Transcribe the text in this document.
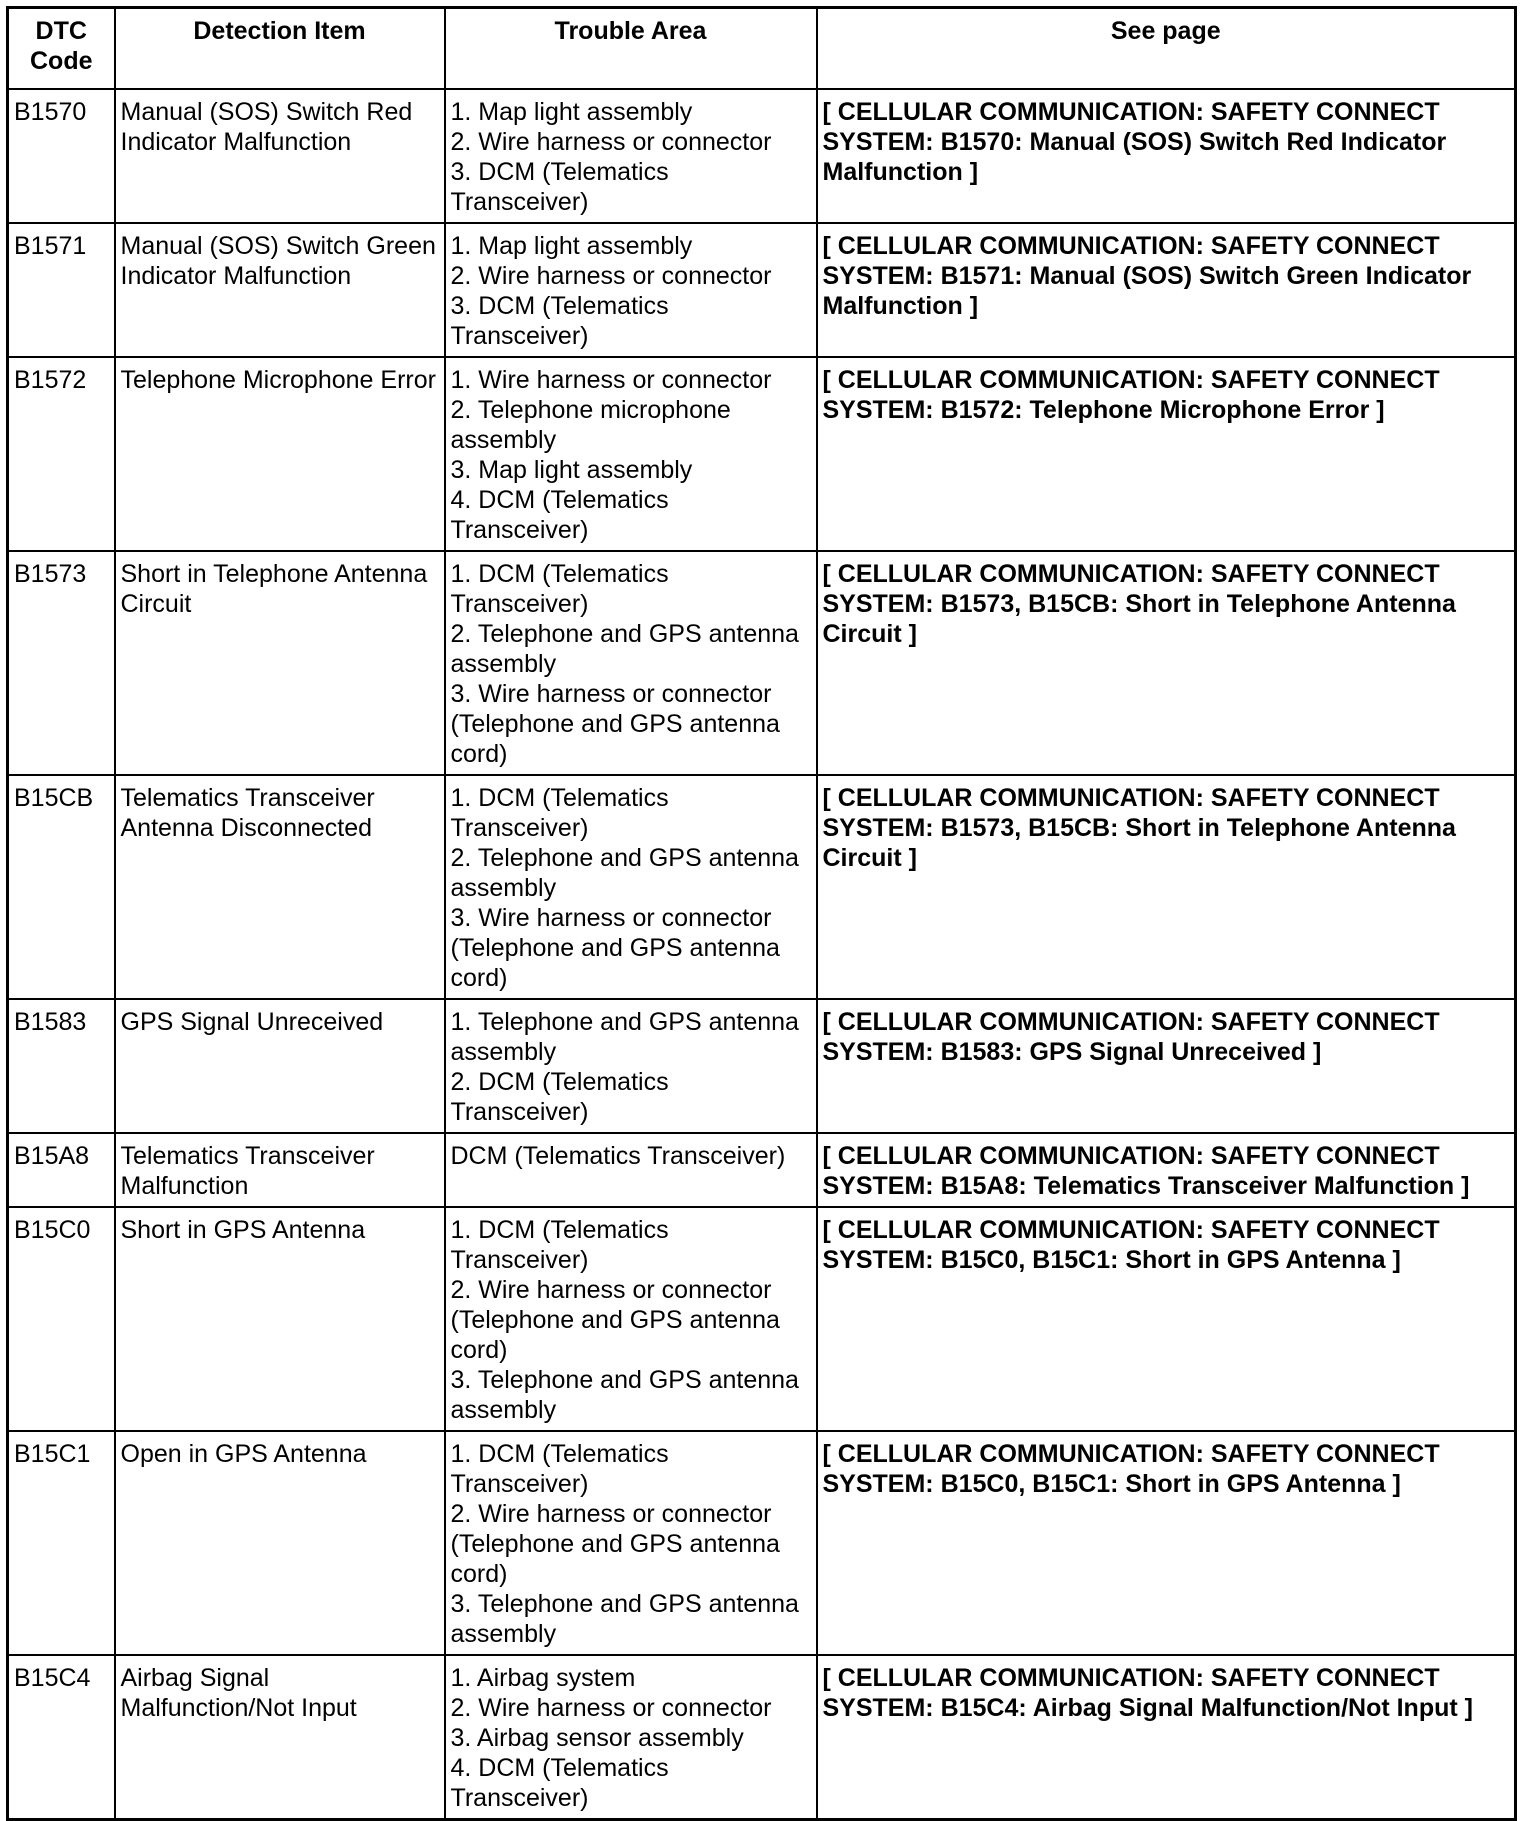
DTC Code	Detection Item	Trouble Area	See page
B1570	Manual (SOS) Switch Red Indicator Malfunction	1. Map light assembly
2. Wire harness or connector
3. DCM (Telematics Transceiver)	[ CELLULAR COMMUNICATION: SAFETY CONNECT SYSTEM: B1570: Manual (SOS) Switch Red Indicator Malfunction ]
B1571	Manual (SOS) Switch Green Indicator Malfunction	1. Map light assembly
2. Wire harness or connector
3. DCM (Telematics Transceiver)	[ CELLULAR COMMUNICATION: SAFETY CONNECT SYSTEM: B1571: Manual (SOS) Switch Green Indicator Malfunction ]
B1572	Telephone Microphone Error	1. Wire harness or connector
2. Telephone microphone assembly
3. Map light assembly
4. DCM (Telematics Transceiver)	[ CELLULAR COMMUNICATION: SAFETY CONNECT SYSTEM: B1572: Telephone Microphone Error ]
B1573	Short in Telephone Antenna Circuit	1. DCM (Telematics Transceiver)
2. Telephone and GPS antenna assembly
3. Wire harness or connector (Telephone and GPS antenna cord)	[ CELLULAR COMMUNICATION: SAFETY CONNECT SYSTEM: B1573, B15CB: Short in Telephone Antenna Circuit ]
B15CB	Telematics Transceiver Antenna Disconnected	1. DCM (Telematics Transceiver)
2. Telephone and GPS antenna assembly
3. Wire harness or connector (Telephone and GPS antenna cord)	[ CELLULAR COMMUNICATION: SAFETY CONNECT SYSTEM: B1573, B15CB: Short in Telephone Antenna Circuit ]
B1583	GPS Signal Unreceived	1. Telephone and GPS antenna assembly
2. DCM (Telematics Transceiver)	[ CELLULAR COMMUNICATION: SAFETY CONNECT SYSTEM: B1583: GPS Signal Unreceived ]
B15A8	Telematics Transceiver Malfunction	DCM (Telematics Transceiver)	[ CELLULAR COMMUNICATION: SAFETY CONNECT SYSTEM: B15A8: Telematics Transceiver Malfunction ]
B15C0	Short in GPS Antenna	1. DCM (Telematics Transceiver)
2. Wire harness or connector (Telephone and GPS antenna cord)
3. Telephone and GPS antenna assembly	[ CELLULAR COMMUNICATION: SAFETY CONNECT SYSTEM: B15C0, B15C1: Short in GPS Antenna ]
B15C1	Open in GPS Antenna	1. DCM (Telematics Transceiver)
2. Wire harness or connector (Telephone and GPS antenna cord)
3. Telephone and GPS antenna assembly	[ CELLULAR COMMUNICATION: SAFETY CONNECT SYSTEM: B15C0, B15C1: Short in GPS Antenna ]
B15C4	Airbag Signal Malfunction/Not Input	1. Airbag system
2. Wire harness or connector
3. Airbag sensor assembly
4. DCM (Telematics Transceiver)	[ CELLULAR COMMUNICATION: SAFETY CONNECT SYSTEM: B15C4: Airbag Signal Malfunction/Not Input ]
